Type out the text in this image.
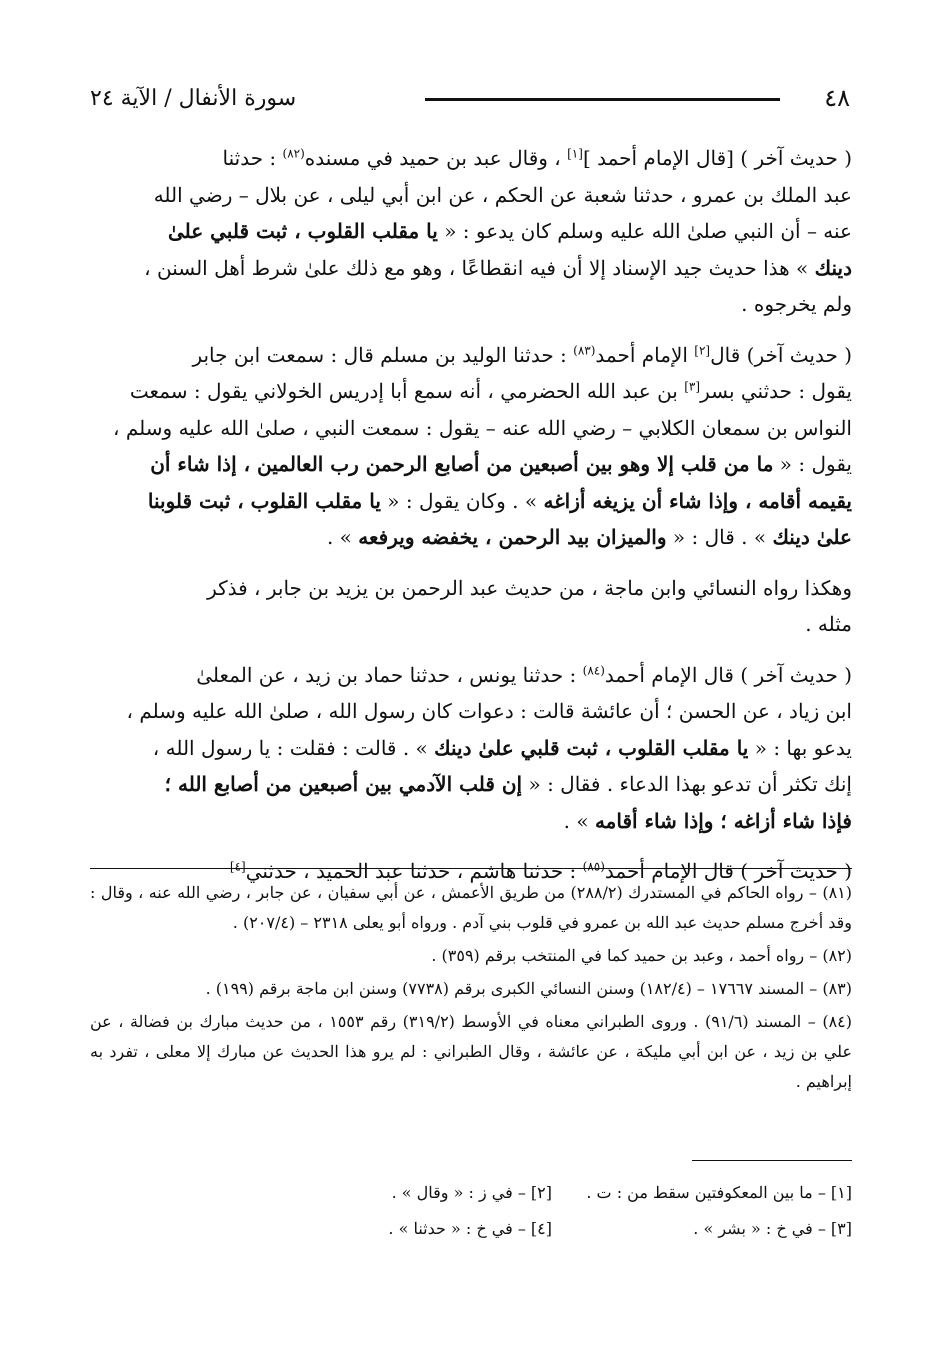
٤٨
سورة الأنفال / الآية ٢٤

( حديث آخر ) [قال الإمام أحمد ][١] ، وقال عبد بن حميد في مسنده$^{(٨٢)}$ : حدثنا

عبد الملك بن عمرو ، حدثنا شعبة عن الحكم ، عن ابن أبي ليلى ، عن بلال – رضي الله

عنه – أن النبي صلىٰ الله عليه وسلم كان يدعو : « يا مقلب القلوب ، ثبت قلبي علىٰ

دينك » هذا حديث جيد الإسناد إلا أن فيه انقطاعًا ، وهو مع ذلك علىٰ شرط أهل السنن ،

ولم يخرجوه .

( حديث آخر) قال[٢] الإمام أحمد$^{(٨٣)}$ : حدثنا الوليد بن مسلم قال : سمعت ابن جابر

يقول : حدثني بسر[٣] بن عبد الله الحضرمي ، أنه سمع أبا إدريس الخولاني يقول : سمعت

النواس بن سمعان الكلابي – رضي الله عنه – يقول : سمعت النبي ، صلىٰ الله عليه وسلم ،

يقول : « ما من قلب إلا وهو بين أصبعين من أصابع الرحمن رب العالمين ، إذا شاء أن

يقيمه أقامه ، وإذا شاء أن يزيغه أزاغه » . وكان يقول : « يا مقلب القلوب ، ثبت قلوبنا

علىٰ دينك » . قال : « والميزان بيد الرحمن ، يخفضه ويرفعه » .

وهكذا رواه النسائي وابن ماجة ، من حديث عبد الرحمن بن يزيد بن جابر ، فذكر

مثله .

( حديث آخر ) قال الإمام أحمد$^{(٨٤)}$ : حدثنا يونس ، حدثنا حماد بن زيد ، عن المعلىٰ

ابن زياد ، عن الحسن ؛ أن عائشة قالت : دعوات كان رسول الله ، صلىٰ الله عليه وسلم ،

يدعو بها : « يا مقلب القلوب ، ثبت قلبي علىٰ دينك » . قالت : فقلت : يا رسول الله ،

إنك تكثر أن تدعو بهذا الدعاء . فقال : « إن قلب الآدمي بين أصبعين من أصابع الله ؛

فإذا شاء أزاغه ؛ وإذا شاء أقامه » .

( حديث آخر ) قال الإمام أحمد$^{(٨٥)}$ : حدثنا هاشم ، حدثنا عبد الحميد ، حدثني[٤]

(٨١) – رواه الحاكم في المستدرك (٢٨٨/٢) من طريق الأعمش ، عن أبي سفيان ، عن جابر ، رضي الله عنه ، وقال : وقد أخرج مسلم حديث عبد الله بن عمرو في قلوب بني آدم . ورواه أبو يعلى ٢٣١٨ – (٢٠٧/٤) .

(٨٢) – رواه أحمد ، وعبد بن حميد كما في المنتخب برقم (٣٥٩) .

(٨٣) – المسند ١٧٦٦٧ – (١٨٢/٤) وسنن النسائي الكبرى برقم (٧٧٣٨) وسنن ابن ماجة برقم (١٩٩) .

(٨٤) – المسند (٩١/٦) . وروى الطبراني معناه في الأوسط (٣١٩/٢) رقم ١٥٥٣ ، من حديث مبارك بن فضالة ، عن علي بن زيد ، عن ابن أبي مليكة ، عن عائشة ، وقال الطبراني : لم يرو هذا الحديث عن مبارك إلا معلى ، تفرد به إبراهيم .

[١] – ما بين المعكوفتين سقط من : ت .
[٢] – في ز : « وقال » .
[٣] – في خ : « بشر » .
[٤] – في خ : « حدثنا » .
